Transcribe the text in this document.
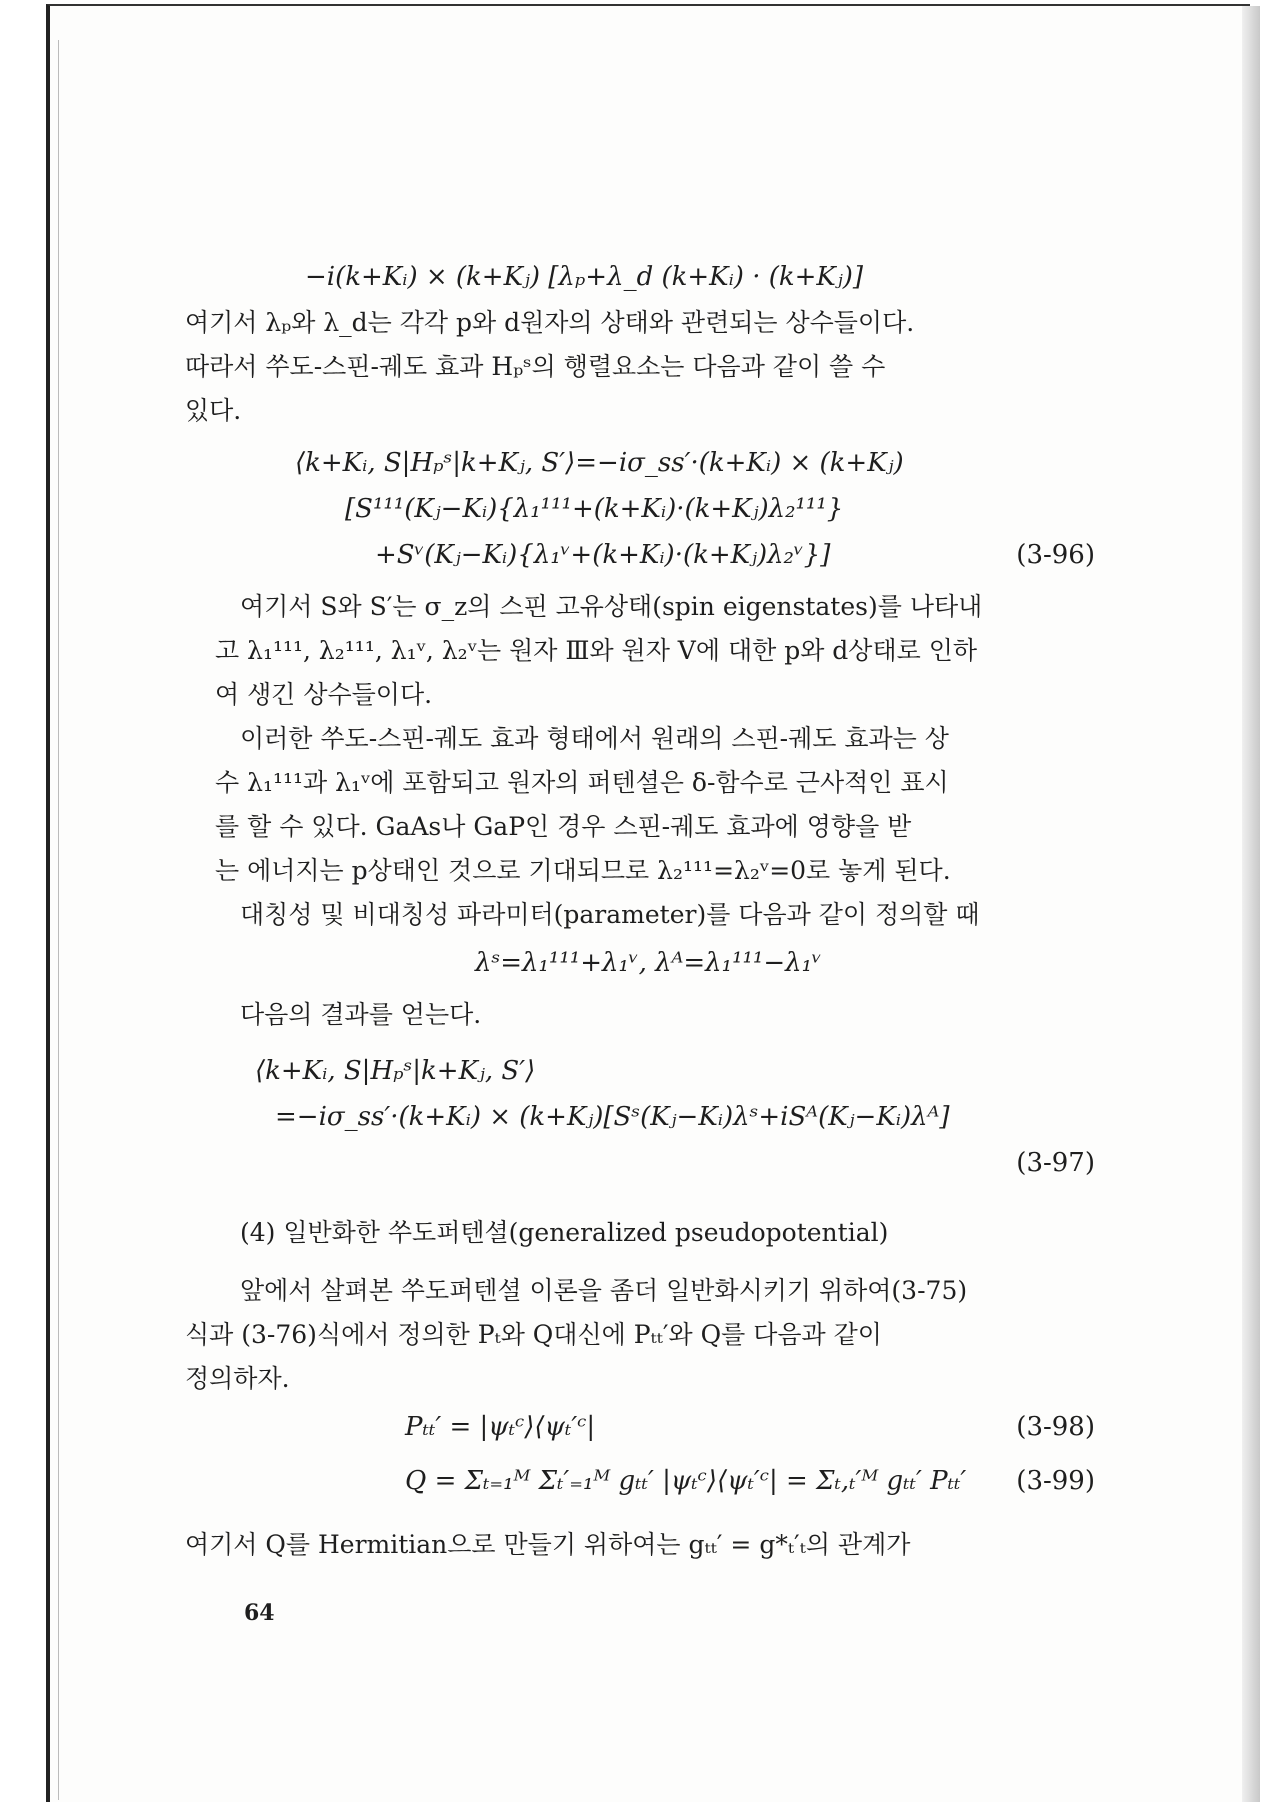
−i(k+Kᵢ) × (k+Kⱼ) [λₚ+λ_d (k+Kᵢ) · (k+Kⱼ)]

여기서 λₚ와 λ_d는 각각 p와 d원자의 상태와 관련되는 상수들이다.

따라서 쑤도-스핀-궤도 효과 Hₚˢ의 행렬요소는 다음과 같이 쓸 수

있다.

⟨k+Kᵢ, S|Hₚˢ|k+Kⱼ, S′⟩=−iσ_ss′·(k+Kᵢ) × (k+Kⱼ)
[S¹¹¹(Kⱼ−Kᵢ){λ₁¹¹¹+(k+Kᵢ)·(k+Kⱼ)λ₂¹¹¹}
+Sᵛ(Kⱼ−Kᵢ){λ₁ᵛ+(k+Kᵢ)·(k+Kⱼ)λ₂ᵛ}]	(3-96)

여기서 S와 S′는 σ_z의 스핀 고유상태(spin eigenstates)를 나타내

고 λ₁¹¹¹, λ₂¹¹¹, λ₁ᵛ, λ₂ᵛ는 원자 Ⅲ와 원자 Ⅴ에 대한 p와 d상태로 인하

여 생긴 상수들이다.

이러한 쑤도-스핀-궤도 효과 형태에서 원래의 스핀-궤도 효과는 상

수 λ₁¹¹¹과 λ₁ᵛ에 포함되고 원자의 퍼텐셜은 δ-함수로 근사적인 표시

를 할 수 있다. GaAs나 GaP인 경우 스핀-궤도 효과에 영향을 받

는 에너지는 p상태인 것으로 기대되므로 λ₂¹¹¹=λ₂ᵛ=0로 놓게 된다.

대칭성 및 비대칭성 파라미터(parameter)를 다음과 같이 정의할 때

λˢ=λ₁¹¹¹+λ₁ᵛ, λᴬ=λ₁¹¹¹−λ₁ᵛ

다음의 결과를 얻는다.

⟨k+Kᵢ, S|Hₚˢ|k+Kⱼ, S′⟩
=−iσ_ss′·(k+Kᵢ) × (k+Kⱼ)[Sˢ(Kⱼ−Kᵢ)λˢ+iSᴬ(Kⱼ−Kᵢ)λᴬ]
(3-97)

(4) 일반화한 쑤도퍼텐셜(generalized pseudopotential)

앞에서 살펴본 쑤도퍼텐셜 이론을 좀더 일반화시키기 위하여(3-75)

식과 (3-76)식에서 정의한 Pₜ와 Q대신에 Pₜₜ′와 Q를 다음과 같이

정의하자.

Pₜₜ′ = |ψₜᶜ⟩⟨ψₜ′ᶜ|	(3-98)
Q = Σₜ₌₁ᴹ Σₜ′₌₁ᴹ gₜₜ′ |ψₜᶜ⟩⟨ψₜ′ᶜ| = Σₜ,ₜ′ᴹ gₜₜ′ Pₜₜ′ (3-99)

여기서 Q를 Hermitian으로 만들기 위하여는 gₜₜ′ = g*ₜ′ₜ의 관계가

64
